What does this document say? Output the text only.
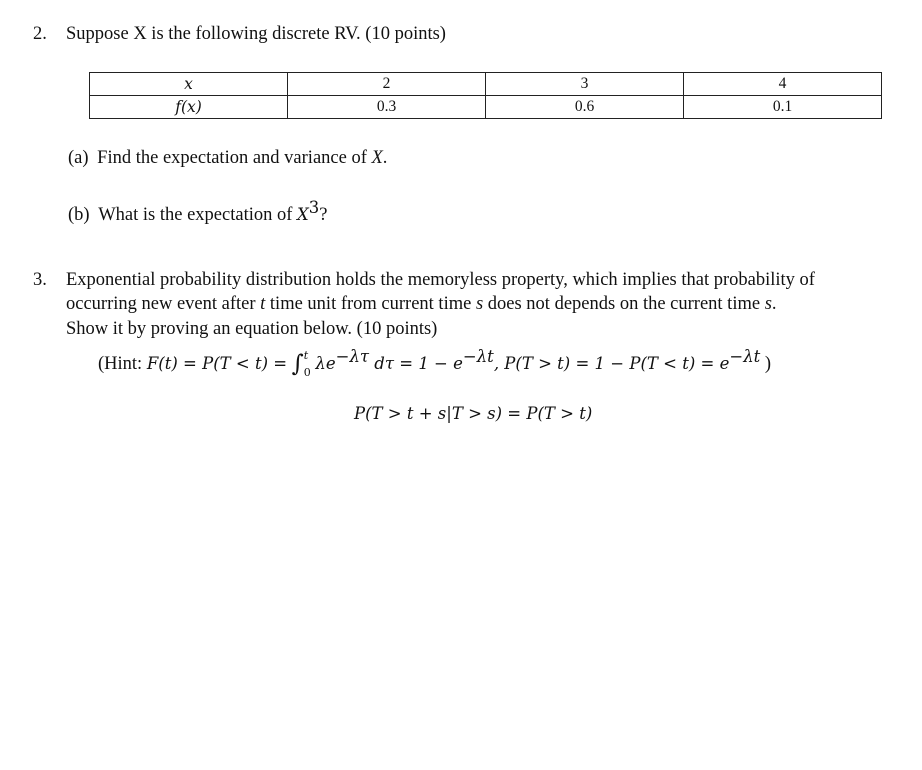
2. Suppose X is the following discrete RV. (10 points)
x	2	3	4
f(x)	0.3	0.6	0.1
(a) Find the expectation and variance of X.
(b) What is the expectation of $X^3$?
3. Exponential probability distribution holds the memoryless property, which implies that probability of
occurring new event after t time unit from current time s does not depends on the current time s.
Show it by proving an equation below. (10 points)
(Hint: F(t) = P(T < t) = ∫ t
0 $\lambda e^{-\lambda\tau}$ $d\tau = 1 - e^{-\lambda t}$, $P(T > t) = 1 - P(T < t) = e^{-\lambda t}$ )
P(T > t + s|T > s) = P(T > t)
